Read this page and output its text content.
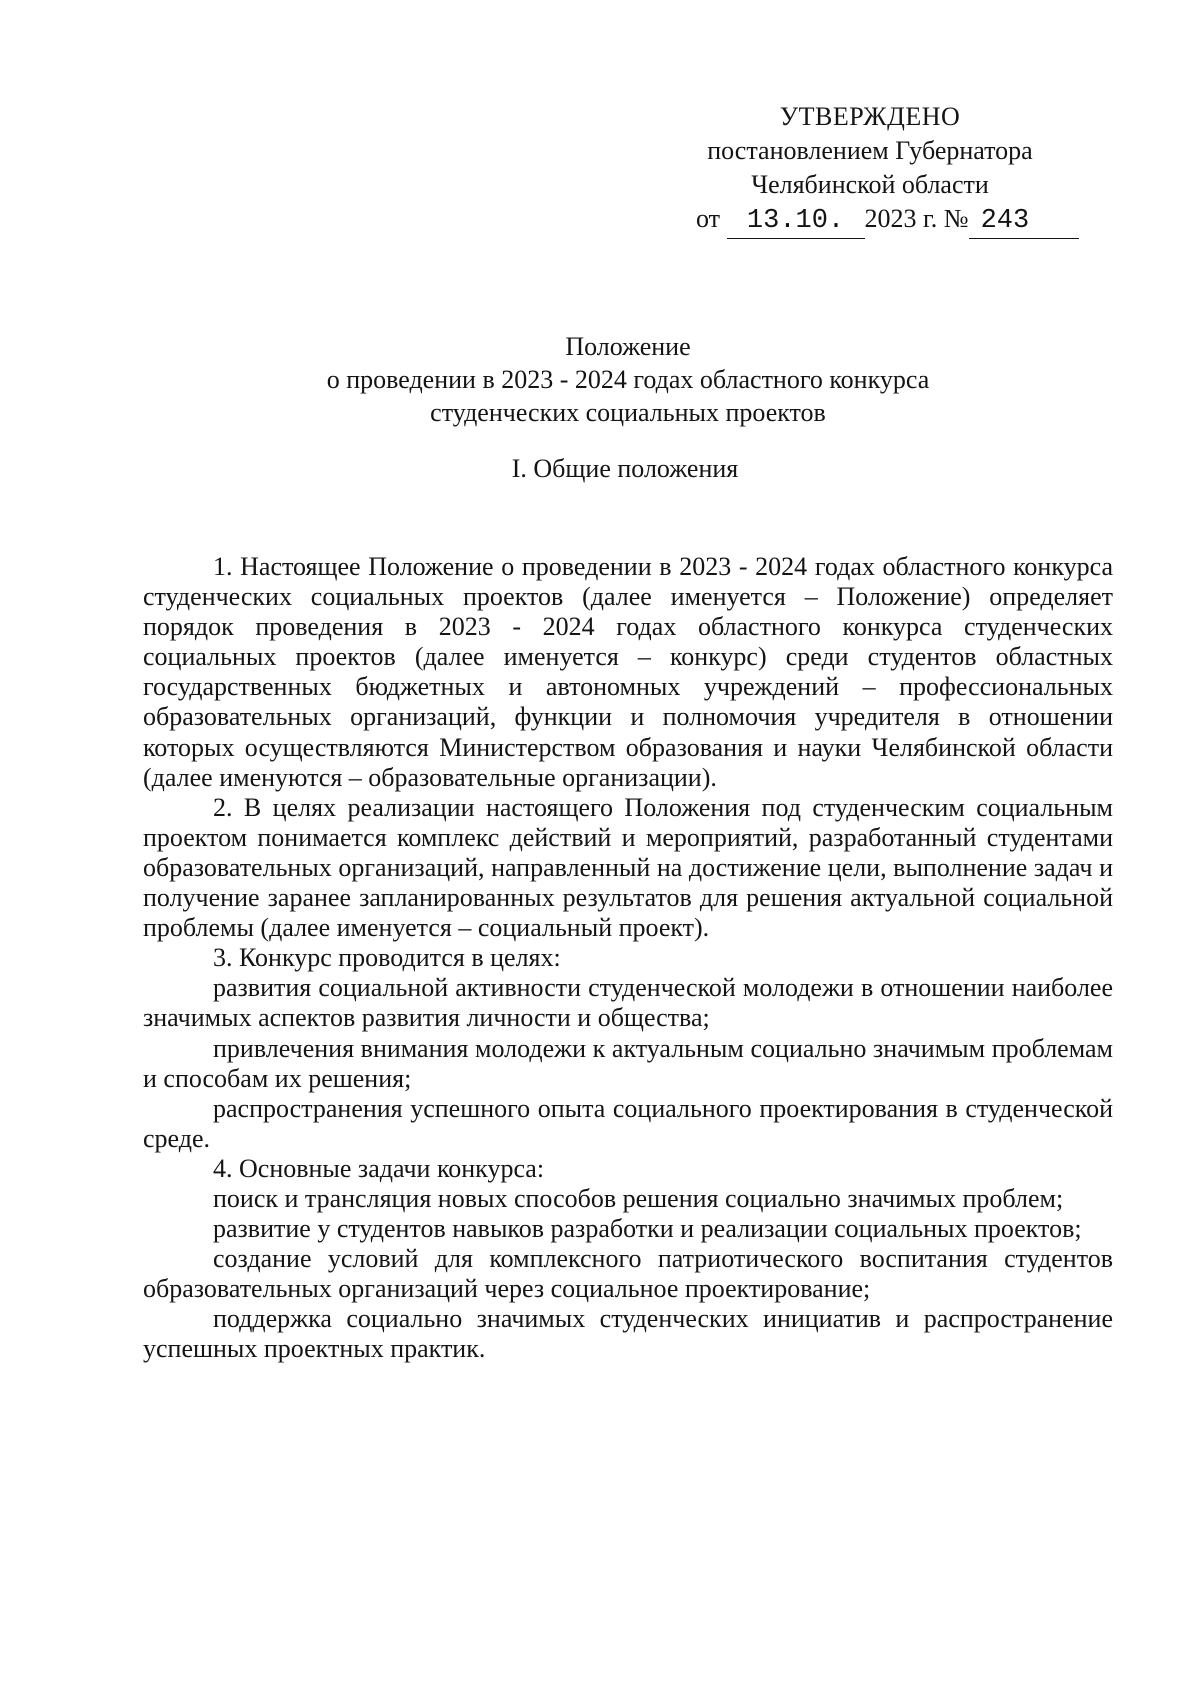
УТВЕРЖДЕНО
постановлением Губернатора
Челябинской области
от 13.10. 2023 г. № 243
Положение
о проведении в 2023 - 2024 годах областного конкурса
студенческих социальных проектов
I. Общие положения

1. Настоящее Положение о проведении в 2023 - 2024 годах областного конкурса студенческих социальных проектов (далее именуется – Положение) определяет порядок проведения в 2023 - 2024 годах областного конкурса студенческих социальных проектов (далее именуется – конкурс) среди студентов областных государственных бюджетных и автономных учреждений – профессиональных образовательных организаций, функции и полномочия учредителя в отношении которых осуществляются Министерством образования и науки Челябинской области (далее именуются – образовательные организации).

2. В целях реализации настоящего Положения под студенческим социальным проектом понимается комплекс действий и мероприятий, разработанный студентами образовательных организаций, направленный на достижение цели, выполнение задач и получение заранее запланированных результатов для решения актуальной социальной проблемы (далее именуется – социальный проект).

3. Конкурс проводится в целях:

развития социальной активности студенческой молодежи в отношении наиболее значимых аспектов развития личности и общества;

привлечения внимания молодежи к актуальным социально значимым проблемам и способам их решения;

распространения успешного опыта социального проектирования в студенческой среде.

4. Основные задачи конкурса:

поиск и трансляция новых способов решения социально значимых проблем;

развитие у студентов навыков разработки и реализации социальных проектов;

создание условий для комплексного патриотического воспитания студентов образовательных организаций через социальное проектирование;

поддержка социально значимых студенческих инициатив и распространение успешных проектных практик.
